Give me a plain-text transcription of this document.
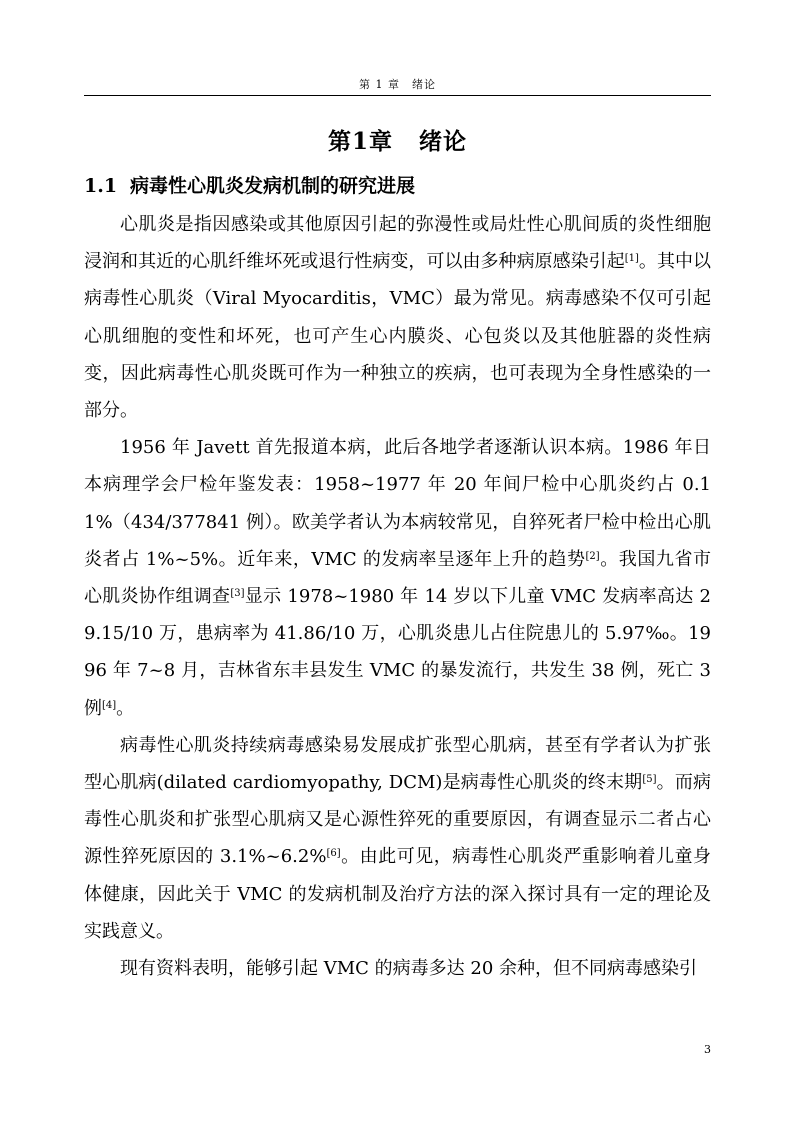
第 1 章　绪论
第1章 绪论
1.1 病毒性心肌炎发病机制的研究进展

心肌炎是指因感染或其他原因引起的弥漫性或局灶性心肌间质的炎性细胞浸润和其近的心肌纤维坏死或退行性病变，可以由多种病原感染引起[1]。其中以病毒性心肌炎（Viral Myocarditis，VMC）最为常见。病毒感染不仅可引起心肌细胞的变性和坏死，也可产生心内膜炎、心包炎以及其他脏器的炎性病变，因此病毒性心肌炎既可作为一种独立的疾病，也可表现为全身性感染的一部分。

1956 年 Javett 首先报道本病，此后各地学者逐渐认识本病。1986 年日本病理学会尸检年鉴发表：1958~1977 年 20 年间尸检中心肌炎约占 0.11%（434/377841 例）。欧美学者认为本病较常见，自猝死者尸检中检出心肌炎者占 1%~5%。近年来，VMC 的发病率呈逐年上升的趋势[2]。我国九省市心肌炎协作组调查[3]显示 1978~1980 年 14 岁以下儿童 VMC 发病率高达 29.15/10 万，患病率为 41.86/10 万，心肌炎患儿占住院患儿的 5.97‰。1996 年 7~8 月，吉林省东丰县发生 VMC 的暴发流行，共发生 38 例，死亡 3 例[4]。

病毒性心肌炎持续病毒感染易发展成扩张型心肌病，甚至有学者认为扩张型心肌病(dilated cardiomyopathy, DCM)是病毒性心肌炎的终末期[5]。而病毒性心肌炎和扩张型心肌病又是心源性猝死的重要原因，有调查显示二者占心源性猝死原因的 3.1%~6.2%[6]。由此可见，病毒性心肌炎严重影响着儿童身体健康，因此关于 VMC 的发病机制及治疗方法的深入探讨具有一定的理论及实践意义。

现有资料表明，能够引起 VMC 的病毒多达 20 余种，但不同病毒感染引

3
